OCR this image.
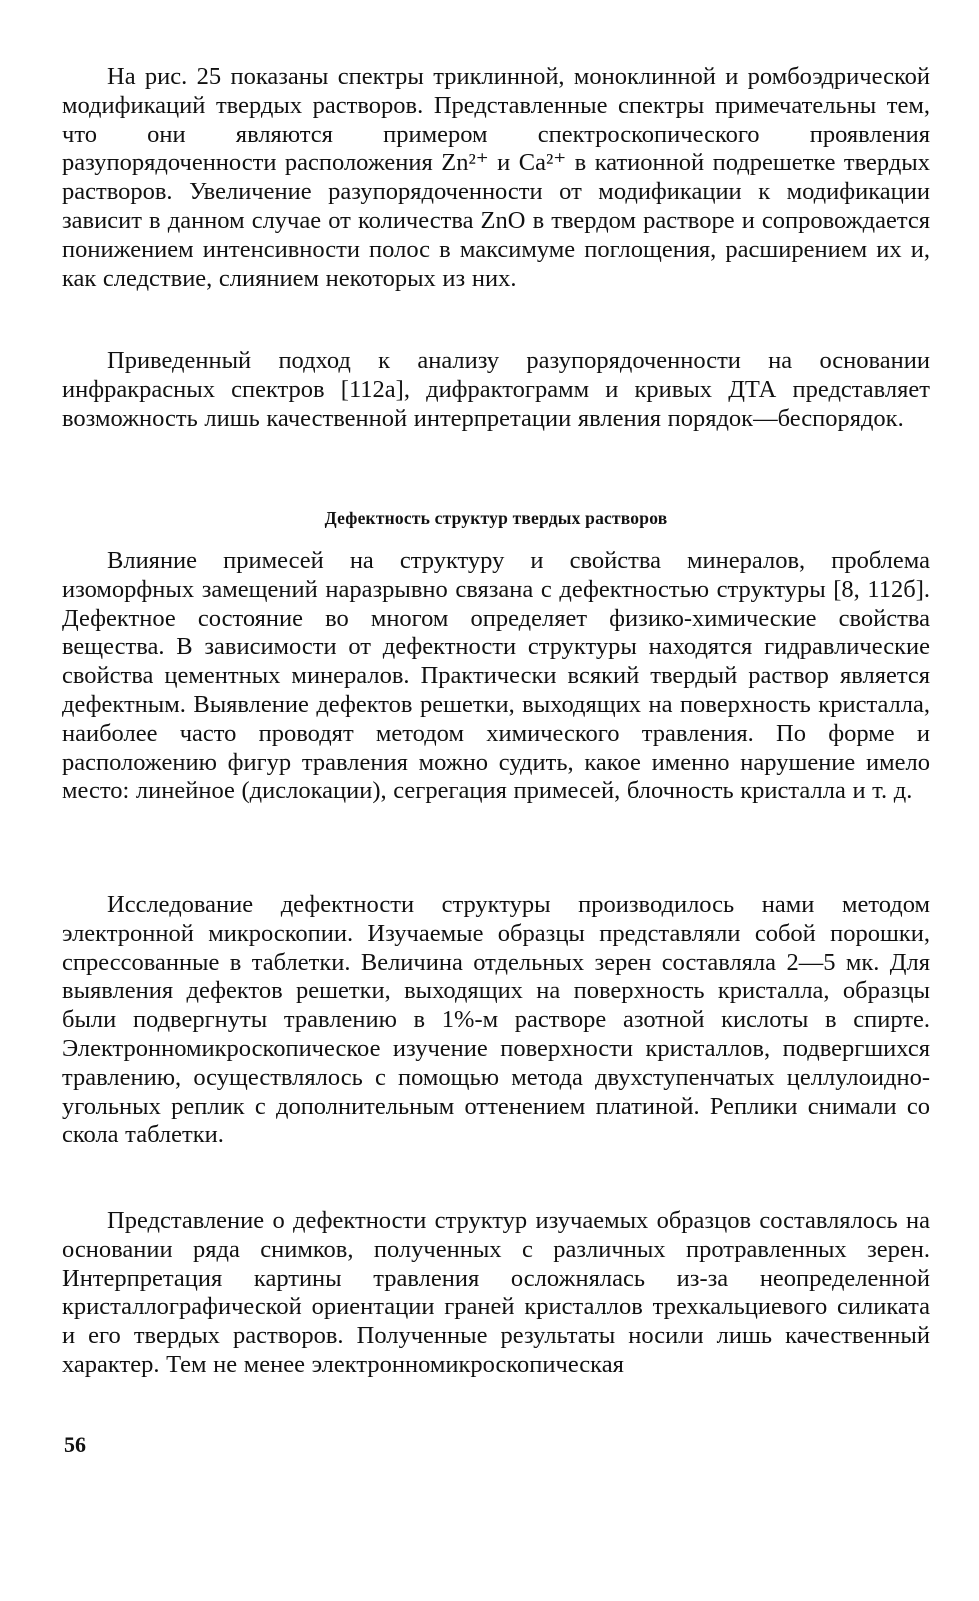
На рис. 25 показаны спектры триклинной, моноклинной и ромбоэдрической модификаций твердых растворов. Представленные спектры примечательны тем, что они являются примером спектроскопического проявления разупорядоченности расположения Zn²⁺ и Ca²⁺ в катионной подрешетке твердых растворов. Увеличение разупорядоченности от модификации к модификации зависит в данном случае от количества ZnO в твердом растворе и сопровождается понижением интенсивности полос в максимуме поглощения, расширением их и, как следствие, слиянием некоторых из них.

Приведенный подход к анализу разупорядоченности на основании инфракрасных спектров [112а], дифрактограмм и кривых ДТА представляет возможность лишь качественной интерпретации явления порядок—беспорядок.

Дефектность структур твердых растворов

Влияние примесей на структуру и свойства минералов, проблема изоморфных замещений наразрывно связана с дефектностью структуры [8, 112б]. Дефектное состояние во многом определяет физико-химические свойства вещества. В зависимости от дефектности структуры находятся гидравлические свойства цементных минералов. Практически всякий твердый раствор является дефектным. Выявление дефектов решетки, выходящих на поверхность кристалла, наиболее часто проводят методом химического травления. По форме и расположению фигур травления можно судить, какое именно нарушение имело место: линейное (дислокации), сегрегация примесей, блочность кристалла и т. д.

Исследование дефектности структуры производилось нами методом электронной микроскопии. Изучаемые образцы представляли собой порошки, спрессованные в таблетки. Величина отдельных зерен составляла 2—5 мк. Для выявления дефектов решетки, выходящих на поверхность кристалла, образцы были подвергнуты травлению в 1%-м растворе азотной кислоты в спирте. Электронномикроскопическое изучение поверхности кристаллов, подвергшихся травлению, осуществлялось с помощью метода двухступенчатых целлулоидно-угольных реплик с дополнительным оттенением платиной. Реплики снимали со скола таблетки.

Представление о дефектности структур изучаемых образцов составлялось на основании ряда снимков, полученных с различных протравленных зерен. Интерпретация картины травления осложнялась из-за неопределенной кристаллографической ориентации граней кристаллов трехкальциевого силиката и его твердых растворов. Полученные результаты носили лишь качественный характер. Тем не менее электронномикроскопическая

56
